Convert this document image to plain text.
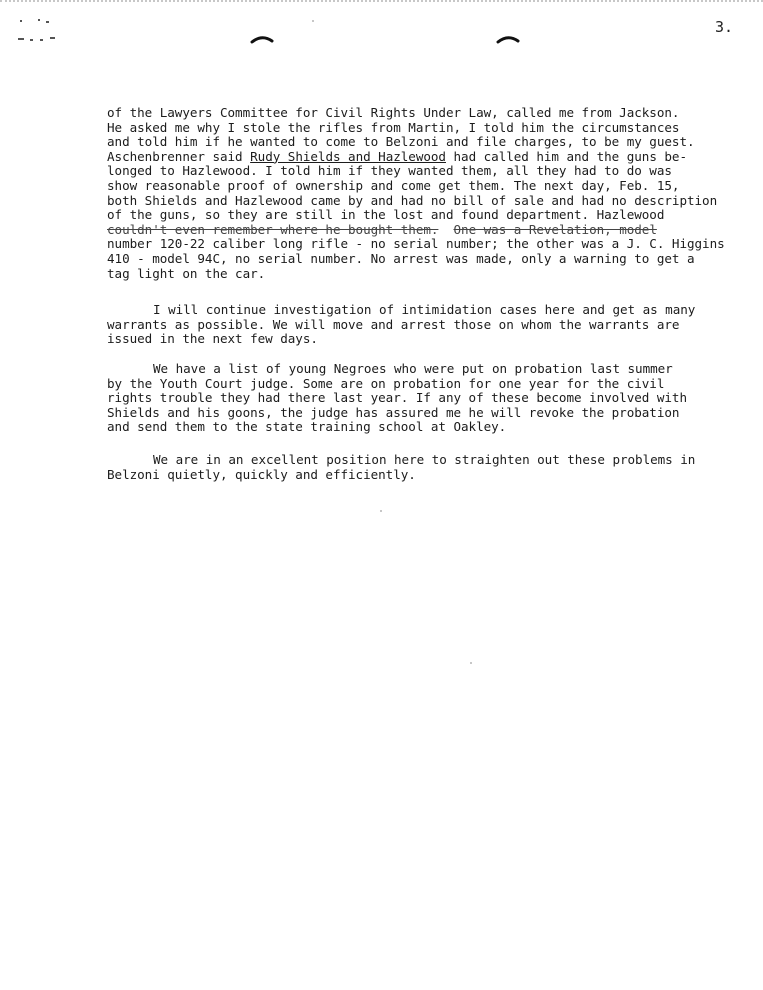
3.

of the Lawyers Committee for Civil Rights Under Law, called me from Jackson.
He asked me why I stole the rifles from Martin, I told him the circumstances
and told him if he wanted to come to Belzoni and file charges, to be my guest.
Aschenbrenner said Rudy Shields and Hazlewood had called him and the guns be-
longed to Hazlewood. I told him if they wanted them, all they had to do was
show reasonable proof of ownership and come get them. The next day, Feb. 15,
both Shields and Hazlewood came by and had no bill of sale and had no description
of the guns, so they are still in the lost and found department. Hazlewood
couldn't even remember where he bought them. One was a Revelation, model
number 120-22 caliber long rifle - no serial number; the other was a J. C. Higgins
410 - model 94C, no serial number. No arrest was made, only a warning to get a
tag light on the car.

I will continue investigation of intimidation cases here and get as many
warrants as possible. We will move and arrest those on whom the warrants are
issued in the next few days.

We have a list of young Negroes who were put on probation last summer
by the Youth Court judge. Some are on probation for one year for the civil
rights trouble they had there last year. If any of these become involved with
Shields and his goons, the judge has assured me he will revoke the probation
and send them to the state training school at Oakley.

We are in an excellent position here to straighten out these problems in
Belzoni quietly, quickly and efficiently.
